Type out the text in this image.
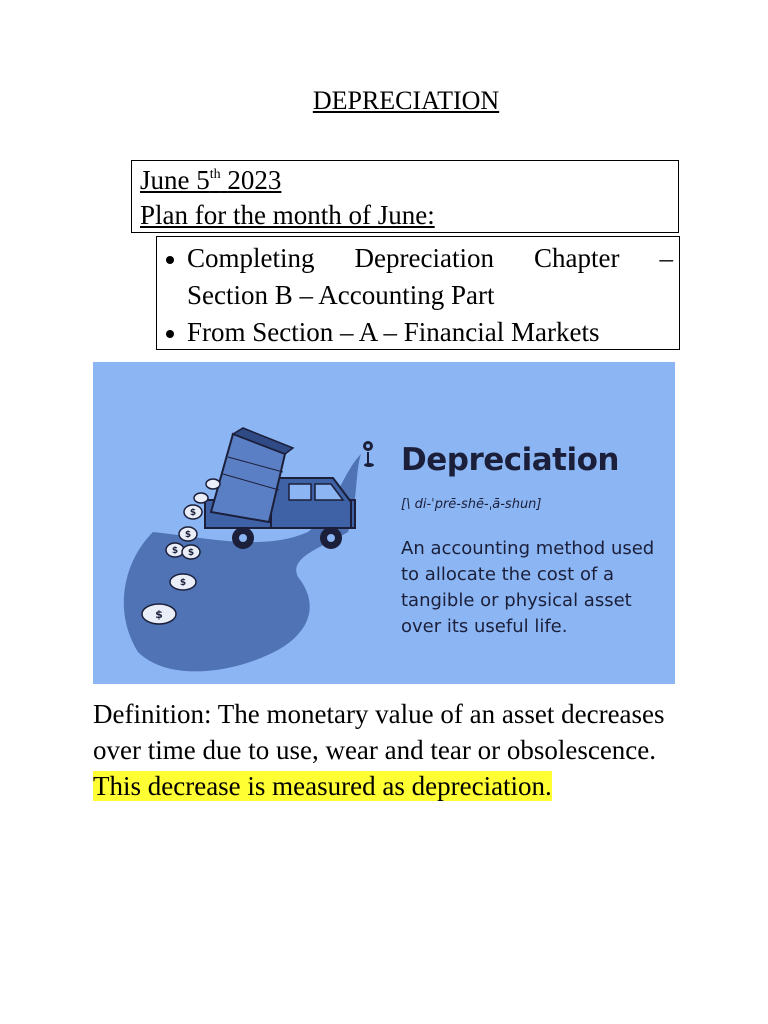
DEPRECIATION
June 5th 2023
Plan for the month of June:
Completing Depreciation Chapter –
Section B – Accounting Part
From Section – A – Financial Markets
$
$
$ $
$
$
Depreciation
[\ di-ˈprē-shē-ˌā-shun]
An accounting method used to allocate the cost of a tangible or physical asset over its useful life.
Definition: The monetary value of an asset decreases over time due to use, wear and tear or obsolescence. This decrease is measured as depreciation.
